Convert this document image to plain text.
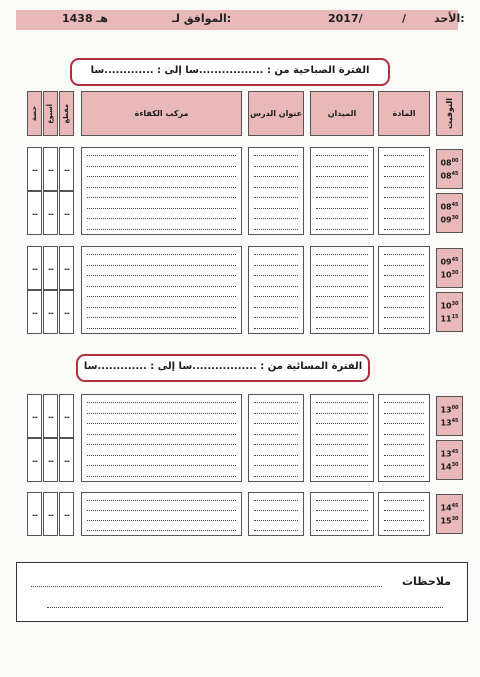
الأحد:
/
2017/
الموافق لـ:
1438 هـ
الفترة الصباحية من : .................سا إلى : .............سا
التوقيت
المادة
الميدان
عنوان الدرس
مركب الكفاءة
مقطع
أسبوع
حصة
$08^{00}$
$08^{45}$
...
...
...
$08^{45}$
$09^{30}$
...
...
...
$09^{45}$
$10^{30}$
...
...
...
$10^{30}$
$11^{15}$
...
...
...
$13^{00}$
$13^{45}$
...
...
...
$13^{45}$
$14^{30}$
...
...
...
$14^{45}$
$15^{30}$
...
...
...
الفترة المسائية من : .................سا إلى : .............سا
ملاحظات
